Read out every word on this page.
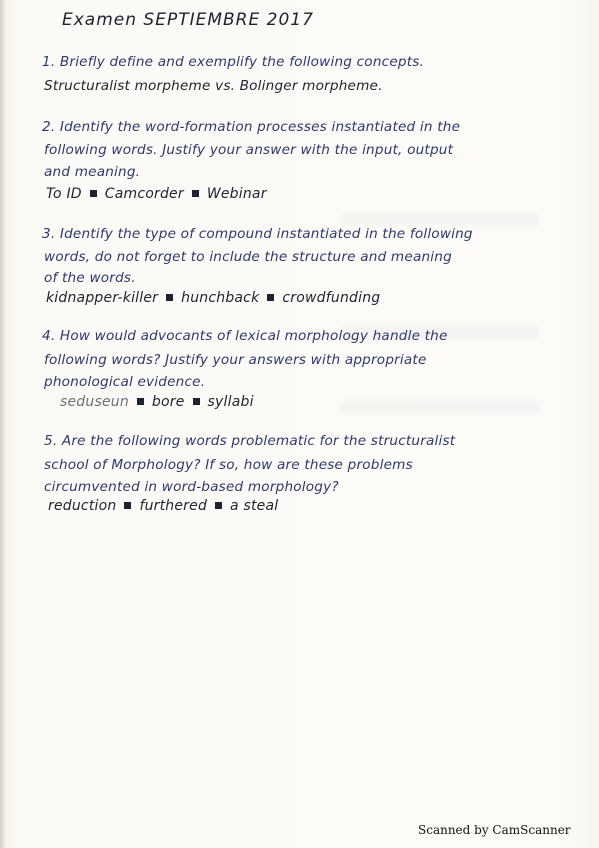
Examen SEPTIEMBRE 2017
1. Briefly define and exemplify the following concepts.
Structuralist morpheme vs. Bolinger morpheme.
2. Identify the word-formation processes instantiated in the
following words. Justify your answer with the input, output
and meaning.
To ID Camcorder Webinar
3. Identify the type of compound instantiated in the following
words, do not forget to include the structure and meaning
of the words.
kidnapper-killer hunchback crowdfunding
4. How would advocants of lexical morphology handle the
following words? Justify your answers with appropriate
phonological evidence.
seduseun bore syllabi
5. Are the following words problematic for the structuralist
school of Morphology? If so, how are these problems
circumvented in word-based morphology?
reduction furthered a steal
Scanned by CamScanner
